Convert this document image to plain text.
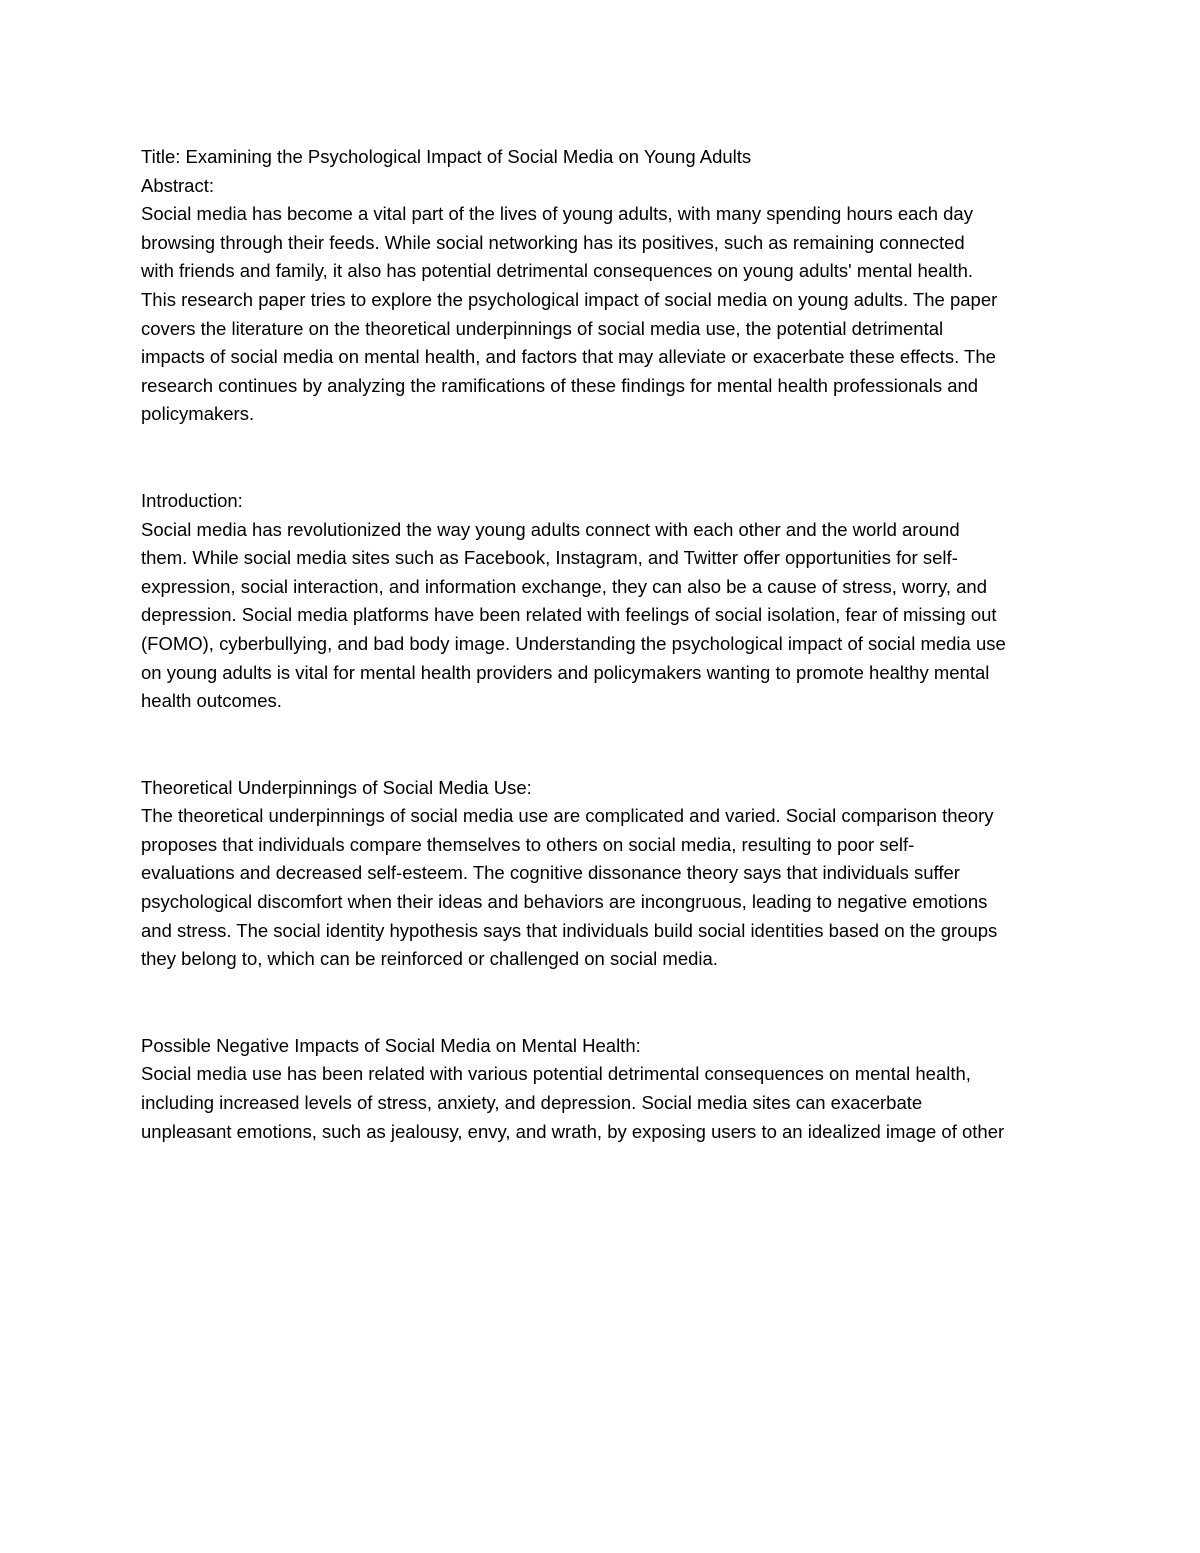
Title: Examining the Psychological Impact of Social Media on Young Adults

Abstract:

Social media has become a vital part of the lives of young adults, with many spending hours each day
browsing through their feeds. While social networking has its positives, such as remaining connected
with friends and family, it also has potential detrimental consequences on young adults' mental health.
This research paper tries to explore the psychological impact of social media on young adults. The paper
covers the literature on the theoretical underpinnings of social media use, the potential detrimental
impacts of social media on mental health, and factors that may alleviate or exacerbate these effects. The
research continues by analyzing the ramifications of these findings for mental health professionals and
policymakers.

Introduction:

Social media has revolutionized the way young adults connect with each other and the world around
them. While social media sites such as Facebook, Instagram, and Twitter offer opportunities for self-
expression, social interaction, and information exchange, they can also be a cause of stress, worry, and
depression. Social media platforms have been related with feelings of social isolation, fear of missing out
(FOMO), cyberbullying, and bad body image. Understanding the psychological impact of social media use
on young adults is vital for mental health providers and policymakers wanting to promote healthy mental
health outcomes.

Theoretical Underpinnings of Social Media Use:

The theoretical underpinnings of social media use are complicated and varied. Social comparison theory
proposes that individuals compare themselves to others on social media, resulting to poor self-
evaluations and decreased self-esteem. The cognitive dissonance theory says that individuals suffer
psychological discomfort when their ideas and behaviors are incongruous, leading to negative emotions
and stress. The social identity hypothesis says that individuals build social identities based on the groups
they belong to, which can be reinforced or challenged on social media.

Possible Negative Impacts of Social Media on Mental Health:

Social media use has been related with various potential detrimental consequences on mental health,
including increased levels of stress, anxiety, and depression. Social media sites can exacerbate
unpleasant emotions, such as jealousy, envy, and wrath, by exposing users to an idealized image of other
